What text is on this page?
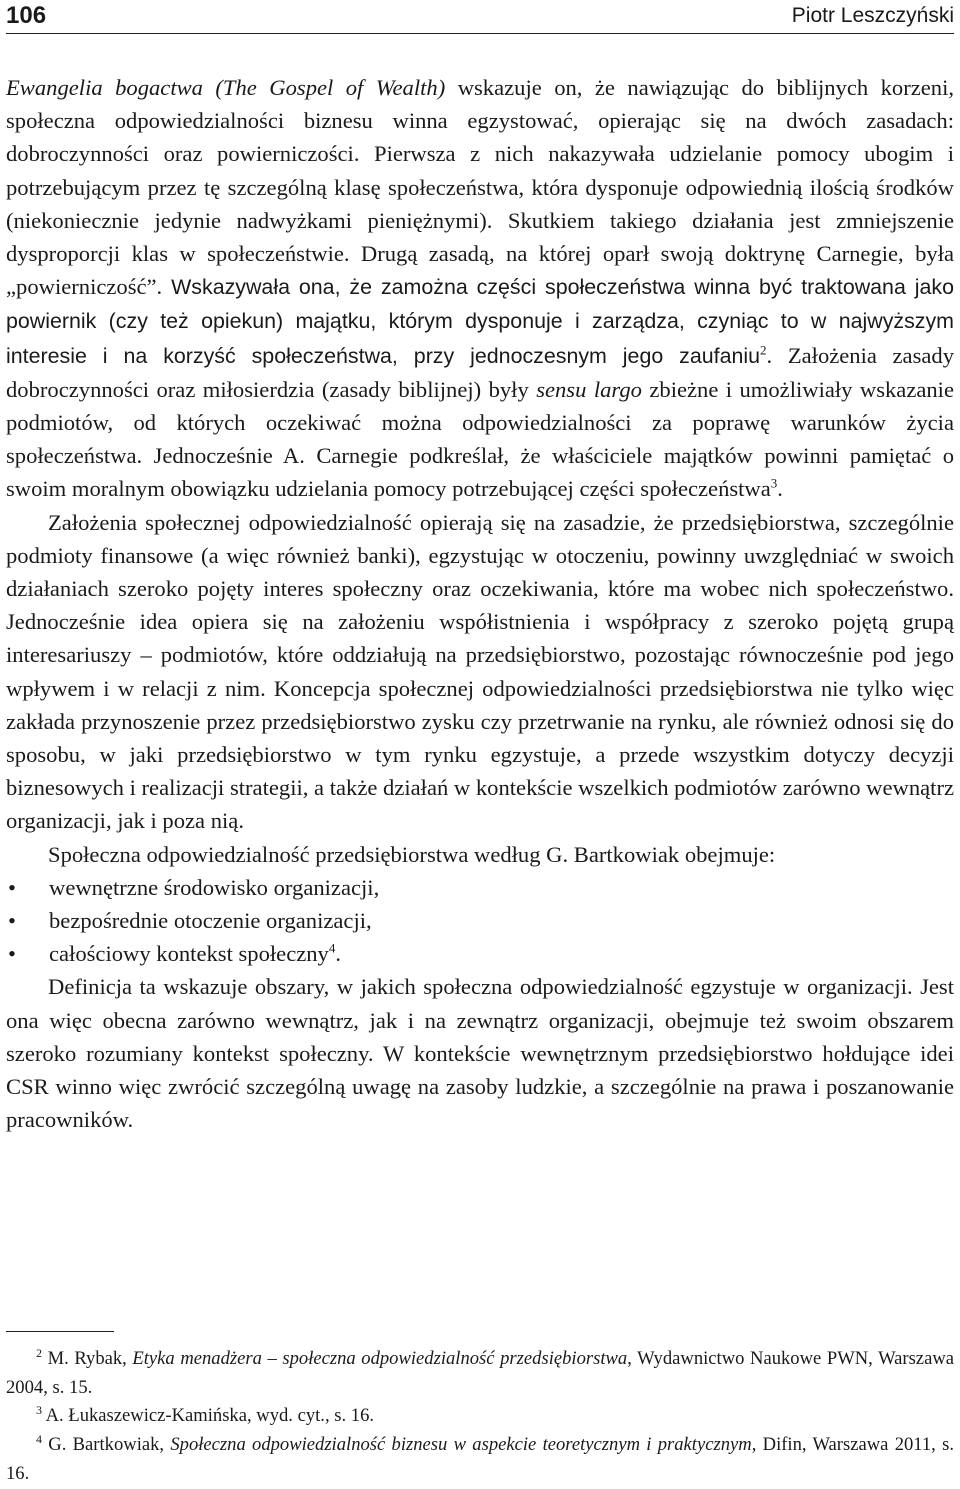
106	Piotr Leszczyński

Ewangelia bogactwa (The Gospel of Wealth) wskazuje on, że nawiązując do biblijnych korzeni, społeczna odpowiedzialności biznesu winna egzystować, opierając się na dwóch zasadach: dobroczynności oraz powierniczości. Pierwsza z nich nakazywała udzielanie pomocy ubogim i potrzebującym przez tę szczególną klasę społeczeństwa, która dysponuje odpowiednią ilością środków (niekoniecznie jedynie nadwyżkami pieniężnymi). Skutkiem takiego działania jest zmniejszenie dysproporcji klas w społeczeństwie. Drugą zasadą, na której oparł swoją doktrynę Carnegie, była „powierniczość”. Wskazywała ona, że zamożna części społeczeństwa winna być traktowana jako powiernik (czy też opiekun) majątku, którym dysponuje i zarządza, czyniąc to w najwyższym interesie i na korzyść społeczeństwa, przy jednoczesnym jego zaufaniu$^2$. Założenia zasady dobroczynności oraz miłosierdzia (zasady biblijnej) były sensu largo zbieżne i umożliwiały wskazanie podmiotów, od których oczekiwać można odpowiedzialności za poprawę warunków życia społeczeństwa. Jednocześnie A. Carnegie podkreślał, że właściciele majątków powinni pamiętać o swoim moralnym obowiązku udzielania pomocy potrzebującej części społeczeństwa$^3$.

Założenia społecznej odpowiedzialność opierają się na zasadzie, że przedsiębiorstwa, szczególnie podmioty finansowe (a więc również banki), egzystując w otoczeniu, powinny uwzględniać w swoich działaniach szeroko pojęty interes społeczny oraz oczekiwania, które ma wobec nich społeczeństwo. Jednocześnie idea opiera się na założeniu współistnienia i współpracy z szeroko pojętą grupą interesariuszy – podmiotów, które oddziałują na przedsiębiorstwo, pozostając równocześnie pod jego wpływem i w relacji z nim. Koncepcja społecznej odpowiedzialności przedsiębiorstwa nie tylko więc zakłada przynoszenie przez przedsiębiorstwo zysku czy przetrwanie na rynku, ale również odnosi się do sposobu, w jaki przedsiębiorstwo w tym rynku egzystuje, a przede wszystkim dotyczy decyzji biznesowych i realizacji strategii, a także działań w kontekście wszelkich podmiotów zarówno wewnątrz organizacji, jak i poza nią.

Społeczna odpowiedzialność przedsiębiorstwa według G. Bartkowiak obejmuje:

• wewnętrzne środowisko organizacji,
• bezpośrednie otoczenie organizacji,
• całościowy kontekst społeczny$^4$.

Definicja ta wskazuje obszary, w jakich społeczna odpowiedzialność egzystuje w organizacji. Jest ona więc obecna zarówno wewnątrz, jak i na zewnątrz organizacji, obejmuje też swoim obszarem szeroko rozumiany kontekst społeczny. W kontekście wewnętrznym przedsiębiorstwo hołdujące idei CSR winno więc zwrócić szczególną uwagę na zasoby ludzkie, a szczególnie na prawa i poszanowanie pracowników.

$^2$ M. Rybak, Etyka menadżera – społeczna odpowiedzialność przedsiębiorstwa, Wydawnictwo Naukowe PWN, Warszawa 2004, s. 15.

$^3$ A. Łukaszewicz-Kamińska, wyd. cyt., s. 16.

$^4$ G. Bartkowiak, Społeczna odpowiedzialność biznesu w aspekcie teoretycznym i praktycznym, Difin, Warszawa 2011, s. 16.
